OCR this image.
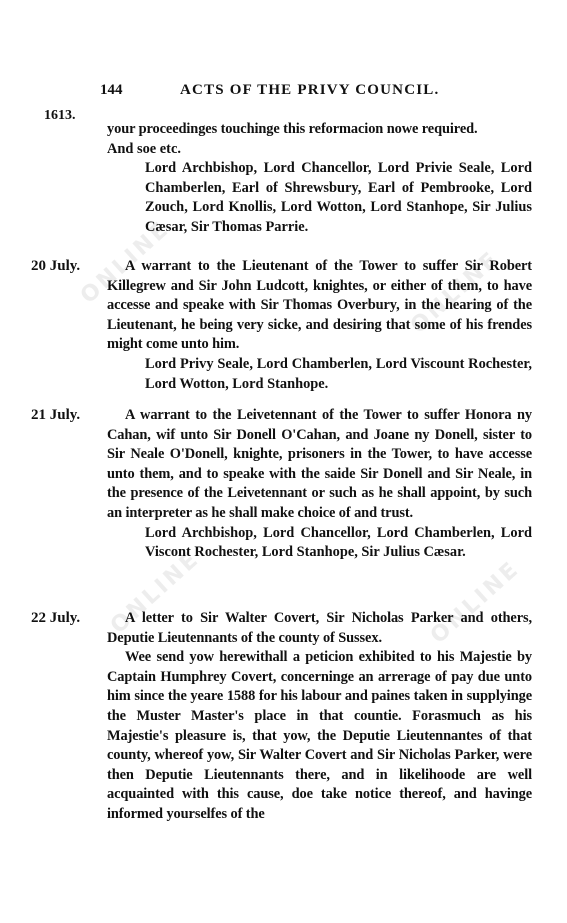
ONLINE	ONLINE
ONLINE	ONLINE
144	ACTS OF THE PRIVY COUNCIL.
1613.

your proceedinges touchinge this reformacion nowe required.

And soe etc.

Lord Archbishop, Lord Chancellor, Lord Privie Seale, Lord Chamberlen, Earl of Shrewsbury, Earl of Pembrooke, Lord Zouch, Lord Knollis, Lord Wotton, Lord Stanhope, Sir Julius Cæsar, Sir Thomas Parrie.

20 July.	A warrant to the Lieutenant of the Tower to suffer Sir Robert Killegrew and Sir John Ludcott, knightes, or either of them, to have accesse and speake with Sir Thomas Overbury, in the hearing of the Lieutenant, he being very sicke, and desiring that some of his frendes might come unto him.

Lord Privy Seale, Lord Chamberlen, Lord Viscount Rochester, Lord Wotton, Lord Stanhope.

21 July.	A warrant to the Leivetennant of the Tower to suffer Honora ny Cahan, wif unto Sir Donell O'Cahan, and Joane ny Donell, sister to Sir Neale O'Donell, knighte, prisoners in the Tower, to have accesse unto them, and to speake with the saide Sir Donell and Sir Neale, in the presence of the Leivetennant or such as he shall appoint, by such an interpreter as he shall make choice of and trust.

Lord Archbishop, Lord Chancellor, Lord Chamberlen, Lord Viscont Rochester, Lord Stanhope, Sir Julius Cæsar.

22 July.	A letter to Sir Walter Covert, Sir Nicholas Parker and others, Deputie Lieutennants of the county of Sussex.

Wee send yow herewithall a peticion exhibited to his Majestie by Captain Humphrey Covert, concerninge an arrerage of pay due unto him since the yeare 1588 for his labour and paines taken in supplyinge the Muster Master's place in that countie. Forasmuch as his Majestie's pleasure is, that yow, the Deputie Lieutennantes of that county, whereof yow, Sir Walter Covert and Sir Nicholas Parker, were then Deputie Lieutennants there, and in likelihoode are well acquainted with this cause, doe take notice thereof, and havinge informed yourselfes of the
